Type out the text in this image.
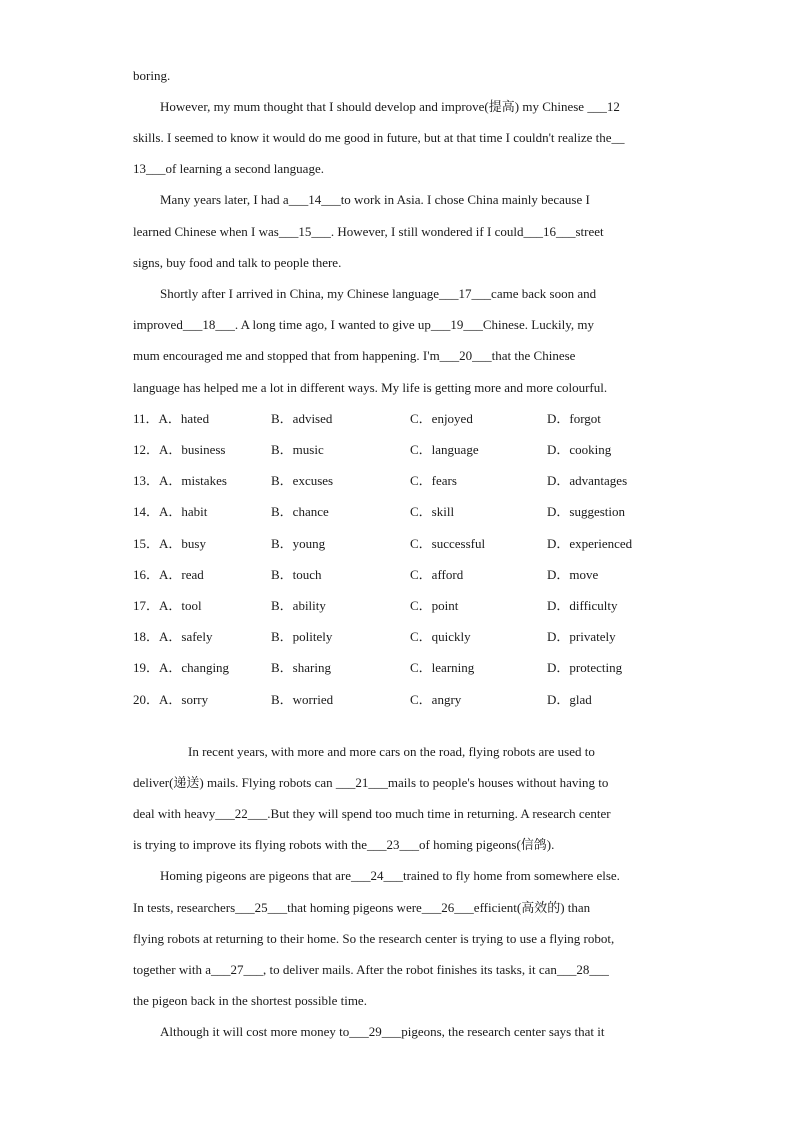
boring.
However, my mum thought that I should develop and improve(提高) my Chinese ___12
skills. I seemed to know it would do me good in future, but at that time I couldn't realize the__
13___of learning a second language.
Many years later, I had a___14___to work in Asia. I chose China mainly because I
learned Chinese when I was___15___. However, I still wondered if I could___16___street
signs, buy food and talk to people there.
Shortly after I arrived in China, my Chinese language___17___came back soon and
improved___18___. A long time ago, I wanted to give up___19___Chinese. Luckily, my
mum encouraged me and stopped that from happening. I'm___20___that the Chinese
language has helped me a lot in different ways. My life is getting more and more colourful.
11．A．hated	B．advised	C．enjoyed	D．forgot
12．A．business	B．music	C．language	D．cooking
13．A．mistakes	B．excuses	C．fears	D．advantages
14．A．habit	B．chance	C．skill	D．suggestion
15．A．busy	B．young	C．successful	D．experienced
16．A．read	B．touch	C．afford	D．move
17．A．tool	B．ability	C．point	D．difficulty
18．A．safely	B．politely	C．quickly	D．privately
19．A．changing	B．sharing	C．learning	D．protecting
20．A．sorry	B．worried	C．angry	D．glad
In recent years, with more and more cars on the road, flying robots are used to
deliver(递送) mails. Flying robots can ___21___mails to people's houses without having to
deal with heavy___22___.But they will spend too much time in returning. A research center
is trying to improve its flying robots with the___23___of homing pigeons(信鸽).
Homing pigeons are pigeons that are___24___trained to fly home from somewhere else.
In tests, researchers___25___that homing pigeons were___26___efficient(高效的) than
flying robots at returning to their home. So the research center is trying to use a flying robot,
together with a___27___, to deliver mails. After the robot finishes its tasks, it can___28___
the pigeon back in the shortest possible time.
Although it will cost more money to___29___pigeons, the research center says that it
